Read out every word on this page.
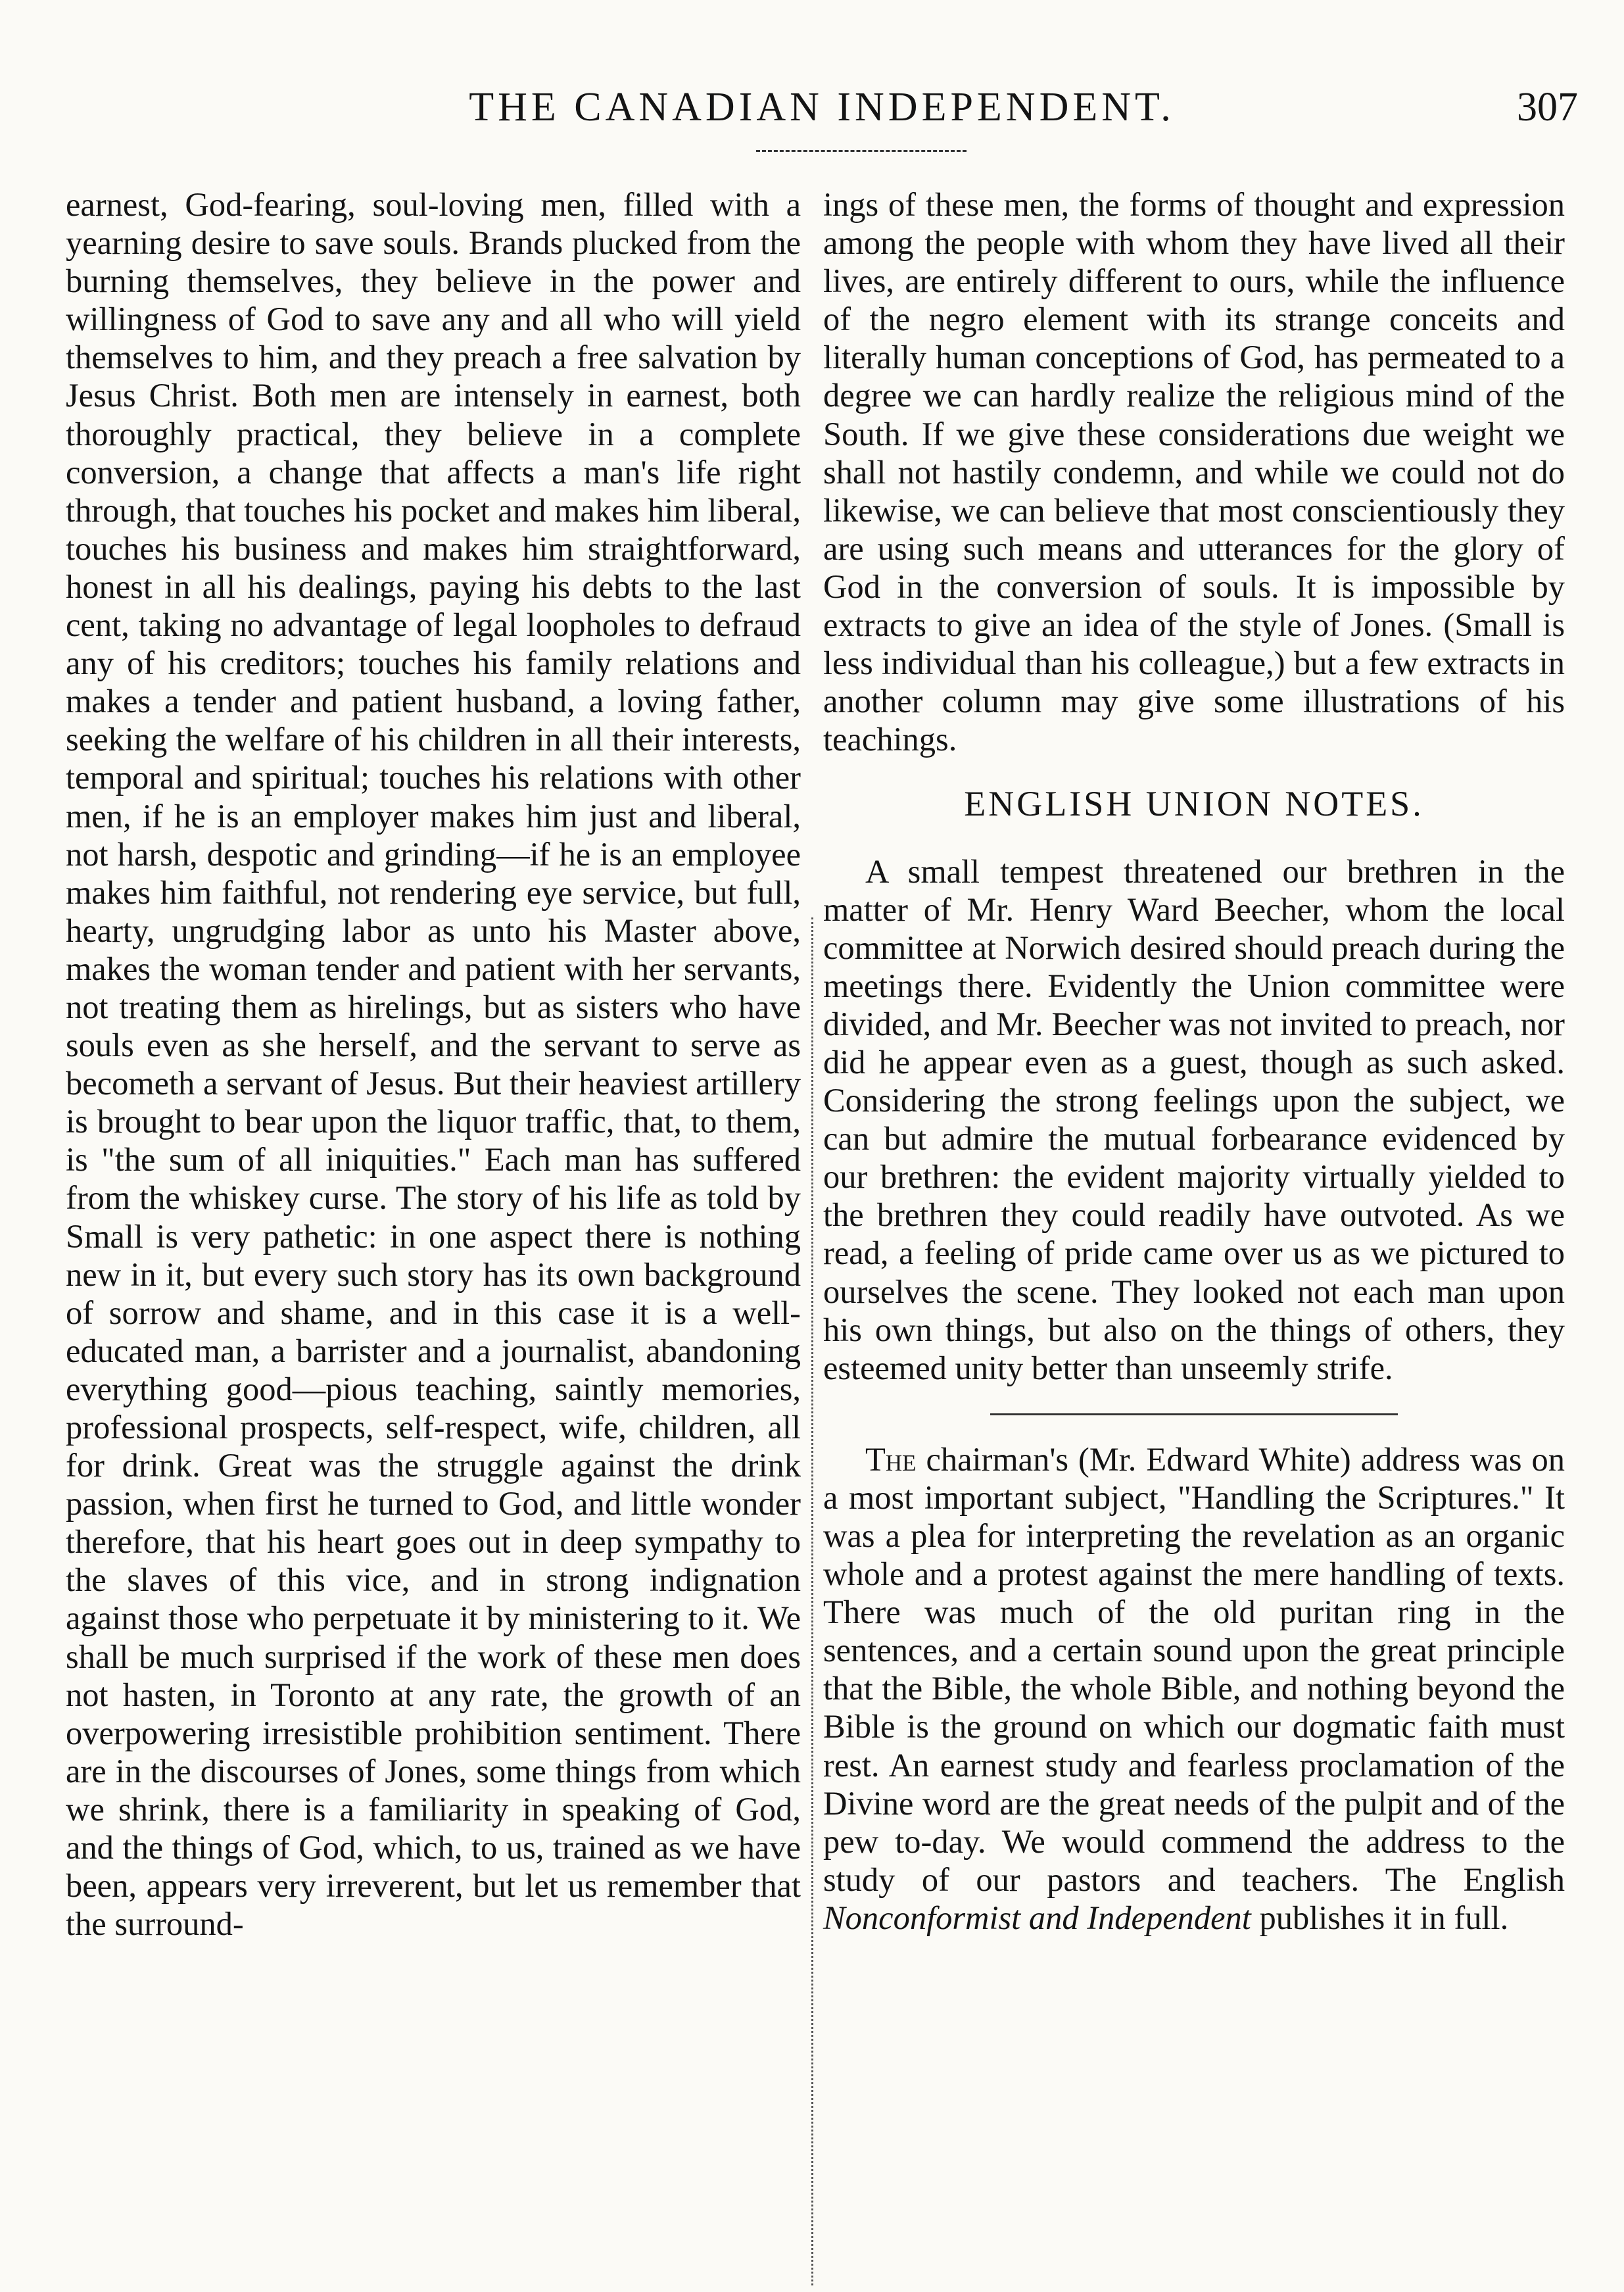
THE CANADIAN INDEPENDENT.	307

earnest, God-fearing, soul-loving men, filled with a yearning desire to save souls. Brands plucked from the burning themselves, they believe in the power and willingness of God to save any and all who will yield themselves to him, and they preach a free salvation by Jesus Christ. Both men are intensely in earnest, both thoroughly practical, they believe in a complete conversion, a change that affects a man's life right through, that touches his pocket and makes him liberal, touches his business and makes him straightforward, honest in all his dealings, paying his debts to the last cent, taking no advantage of legal loopholes to defraud any of his creditors; touches his family relations and makes a tender and patient husband, a loving father, seeking the welfare of his children in all their interests, temporal and spiritual; touches his relations with other men, if he is an employer makes him just and liberal, not harsh, despotic and grinding—if he is an employee makes him faithful, not rendering eye service, but full, hearty, ungrudging labor as unto his Master above, makes the woman tender and patient with her servants, not treating them as hirelings, but as sisters who have souls even as she herself, and the servant to serve as becometh a servant of Jesus. But their heaviest artillery is brought to bear upon the liquor traffic, that, to them, is "the sum of all iniquities." Each man has suffered from the whiskey curse. The story of his life as told by Small is very pathetic: in one aspect there is nothing new in it, but every such story has its own background of sorrow and shame, and in this case it is a well-educated man, a barrister and a journalist, abandoning everything good—pious teaching, saintly memories, professional prospects, self-respect, wife, children, all for drink. Great was the struggle against the drink passion, when first he turned to God, and little wonder therefore, that his heart goes out in deep sympathy to the slaves of this vice, and in strong indignation against those who perpetuate it by ministering to it. We shall be much surprised if the work of these men does not hasten, in Toronto at any rate, the growth of an overpowering irresistible prohibition sentiment. There are in the discourses of Jones, some things from which we shrink, there is a familiarity in speaking of God, and the things of God, which, to us, trained as we have been, appears very irreverent, but let us remember that the surround-

ings of these men, the forms of thought and expression among the people with whom they have lived all their lives, are entirely different to ours, while the influence of the negro element with its strange conceits and literally human conceptions of God, has permeated to a degree we can hardly realize the religious mind of the South. If we give these considerations due weight we shall not hastily condemn, and while we could not do likewise, we can believe that most conscientiously they are using such means and utterances for the glory of God in the conversion of souls. It is impossible by extracts to give an idea of the style of Jones. (Small is less individual than his colleague,) but a few extracts in another column may give some illustrations of his teachings.

ENGLISH UNION NOTES.

A small tempest threatened our brethren in the matter of Mr. Henry Ward Beecher, whom the local committee at Norwich desired should preach during the meetings there. Evidently the Union committee were divided, and Mr. Beecher was not invited to preach, nor did he appear even as a guest, though as such asked. Considering the strong feelings upon the subject, we can but admire the mutual forbearance evidenced by our brethren: the evident majority virtually yielded to the brethren they could readily have outvoted. As we read, a feeling of pride came over us as we pictured to ourselves the scene. They looked not each man upon his own things, but also on the things of others, they esteemed unity better than unseemly strife.

The chairman's (Mr. Edward White) address was on a most important subject, "Handling the Scriptures." It was a plea for interpreting the revelation as an organic whole and a protest against the mere handling of texts. There was much of the old puritan ring in the sentences, and a certain sound upon the great principle that the Bible, the whole Bible, and nothing beyond the Bible is the ground on which our dogmatic faith must rest. An earnest study and fearless proclamation of the Divine word are the great needs of the pulpit and of the pew to-day. We would commend the address to the study of our pastors and teachers. The English Nonconformist and Independent publishes it in full.
